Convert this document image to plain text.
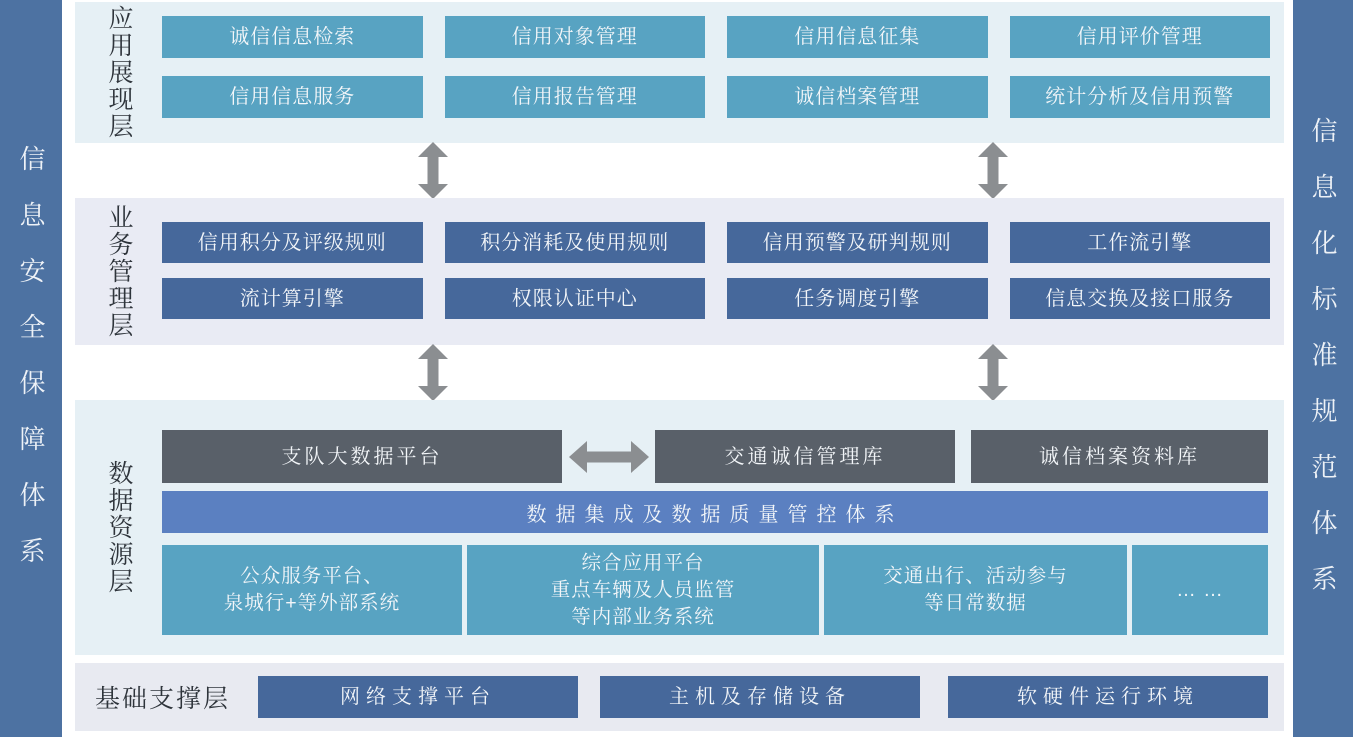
信息安全保障体系	信息化标准规范体系
应用展现层	诚信信息检索	信用对象管理	信用信息征集	信用评价管理
信用信息服务	信用报告管理	诚信档案管理	统计分析及信用预警
业务管理层	信用积分及评级规则	积分消耗及使用规则	信用预警及研判规则	工作流引擎
流计算引擎	权限认证中心	任务调度引擎	信息交换及接口服务
数据资源层
支队大数据平台	交通诚信管理库	诚信档案资料库
数据集成及数据质量管控体系
公众服务平台、
泉城行+等外部系统
综合应用平台
重点车辆及人员监管
等内部业务系统
交通出行、活动参与
等日常数据
… …
基础支撑层	网络支撑平台	主机及存储设备	软硬件运行环境
